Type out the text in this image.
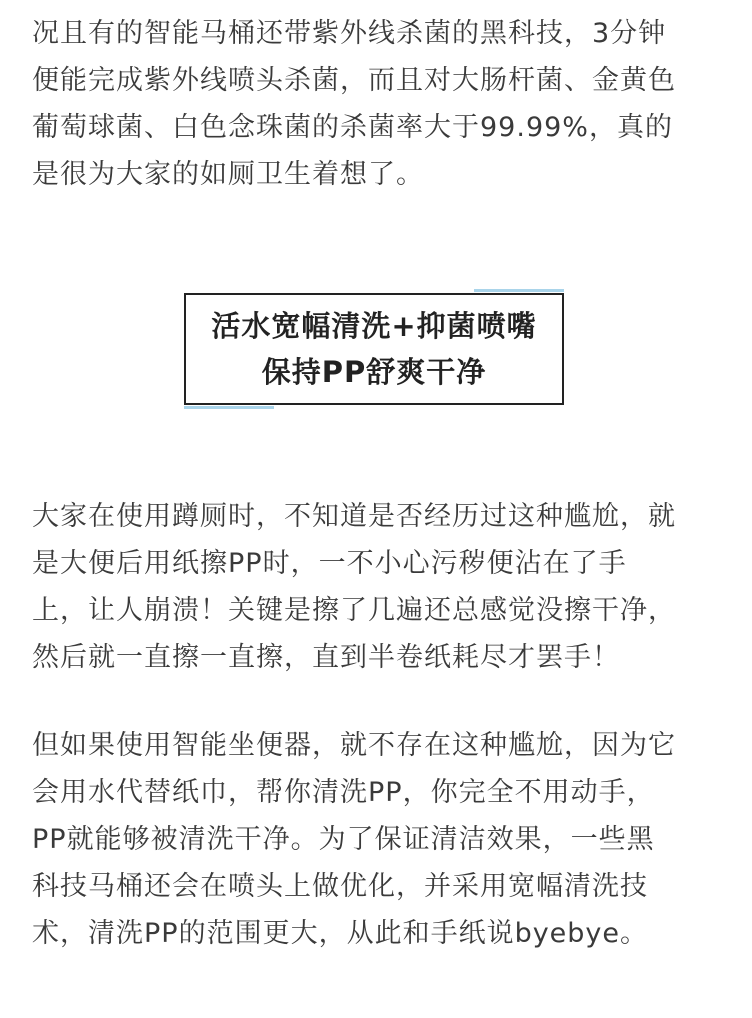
况且有的智能马桶还带紫外线杀菌的黑科技，3分钟
便能完成紫外线喷头杀菌，而且对大肠杆菌、金黄色
葡萄球菌、白色念珠菌的杀菌率大于99.99%，真的
是很为大家的如厕卫生着想了。
活水宽幅清洗+抑菌喷嘴
保持PP舒爽干净
大家在使用蹲厕时，不知道是否经历过这种尴尬，就
是大便后用纸擦PP时，一不小心污秽便沾在了手
上，让人崩溃！关键是擦了几遍还总感觉没擦干净，
然后就一直擦一直擦，直到半卷纸耗尽才罢手！
但如果使用智能坐便器，就不存在这种尴尬，因为它
会用水代替纸巾，帮你清洗PP，你完全不用动手，
PP就能够被清洗干净。为了保证清洁效果，一些黑
科技马桶还会在喷头上做优化，并采用宽幅清洗技
术，清洗PP的范围更大，从此和手纸说byebye。
